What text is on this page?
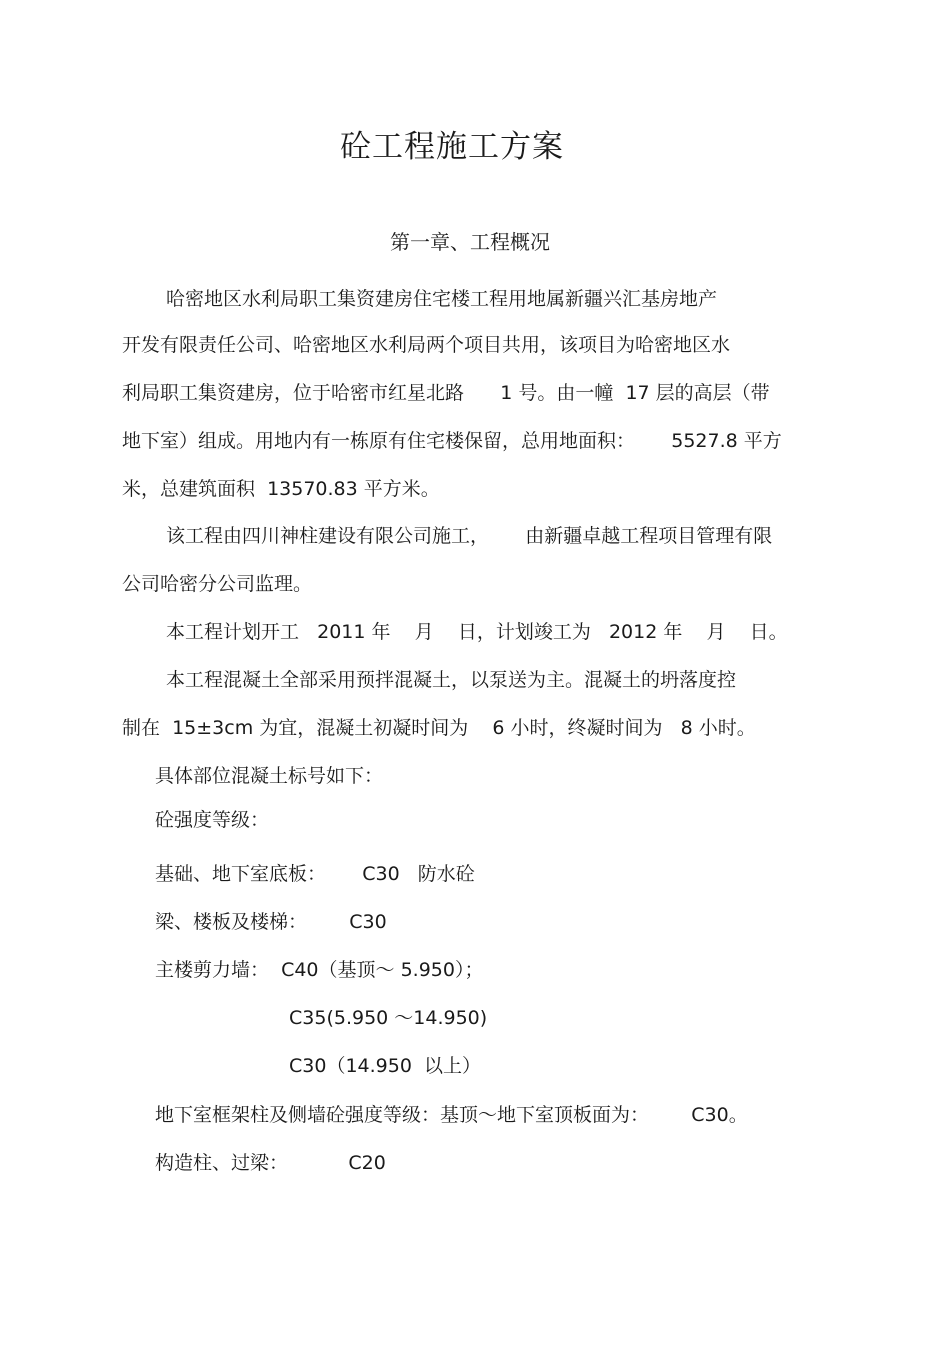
砼工程施工方案
第一章、工程概况

哈密地区水利局职工集资建房住宅楼工程用地属新疆兴汇基房地产

开发有限责任公司、哈密地区水利局两个项目共用，该项目为哈密地区水

利局职工集资建房，位于哈密市红星北路      1 号。由一幢  17 层的高层（带

地下室）组成。用地内有一栋原有住宅楼保留，总用地面积：      5527.8 平方

米，总建筑面积  13570.83 平方米。

该工程由四川神柱建设有限公司施工，      由新疆卓越工程项目管理有限

公司哈密分公司监理。

本工程计划开工   2011 年    月    日，计划竣工为   2012 年    月    日。

本工程混凝土全部采用预拌混凝土，以泵送为主。混凝土的坍落度控

制在  15±3cm 为宜，混凝土初凝时间为    6 小时，终凝时间为   8 小时。

具体部位混凝土标号如下：

砼强度等级：

基础、地下室底板：      C30   防水砼

梁、楼板及楼梯：       C30

主楼剪力墙：  C40（基顶～ 5.950）；

C35(5.950 ～14.950)

C30（14.950  以上）

地下室框架柱及侧墙砼强度等级：基顶～地下室顶板面为：       C30。

构造柱、过梁：          C20
